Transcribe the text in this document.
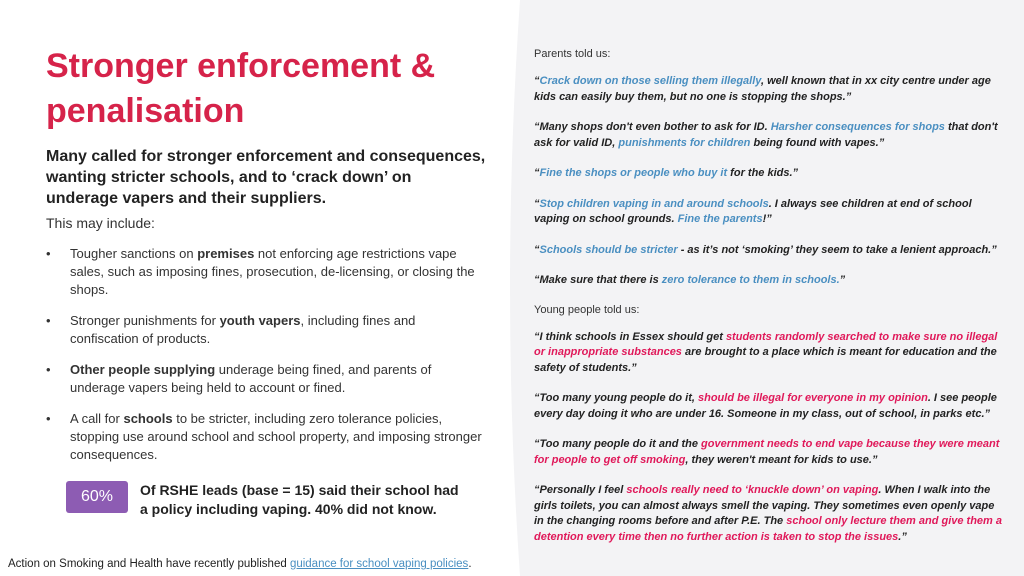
Stronger enforcement & penalisation

Many called for stronger enforcement and consequences, wanting stricter schools, and to ‘crack down’ on underage vapers and their suppliers.

This may include:

• Tougher sanctions on premises not enforcing age restrictions vape sales, such as imposing fines, prosecution, de-licensing, or closing the shops.
• Stronger punishments for youth vapers, including fines and confiscation of products.
• Other people supplying underage being fined, and parents of underage vapers being held to account or fined.
• A call for schools to be stricter, including zero tolerance policies, stopping use around school and school property, and imposing stronger consequences.
60%	Of RSHE leads (base = 15) said their school had a policy including vaping. 40% did not know.
Action on Smoking and Health have recently published guidance for school vaping policies.

Parents told us:

“Crack down on those selling them illegally, well known that in xx city centre under age kids can easily buy them, but no one is stopping the shops.”

“Many shops don't even bother to ask for ID. Harsher consequences for shops that don't ask for valid ID, punishments for children being found with vapes.”

“Fine the shops or people who buy it for the kids.”

“Stop children vaping in and around schools. I always see children at end of school vaping on school grounds. Fine the parents!”

“Schools should be stricter - as it’s not ‘smoking’ they seem to take a lenient approach.”

“Make sure that there is zero tolerance to them in schools.”

Young people told us:

“I think schools in Essex should get students randomly searched to make sure no illegal or inappropriate substances are brought to a place which is meant for education and the safety of students.”

“Too many young people do it, should be illegal for everyone in my opinion. I see people every day doing it who are under 16. Someone in my class, out of school, in parks etc.”

“Too many people do it and the government needs to end vape because they were meant for people to get off smoking, they weren't meant for kids to use.”

“Personally I feel schools really need to ‘knuckle down’ on vaping. When I walk into the girls toilets, you can almost always smell the vaping. They sometimes even openly vape in the changing rooms before and after P.E. The school only lecture them and give them a detention every time then no further action is taken to stop the issues.”
